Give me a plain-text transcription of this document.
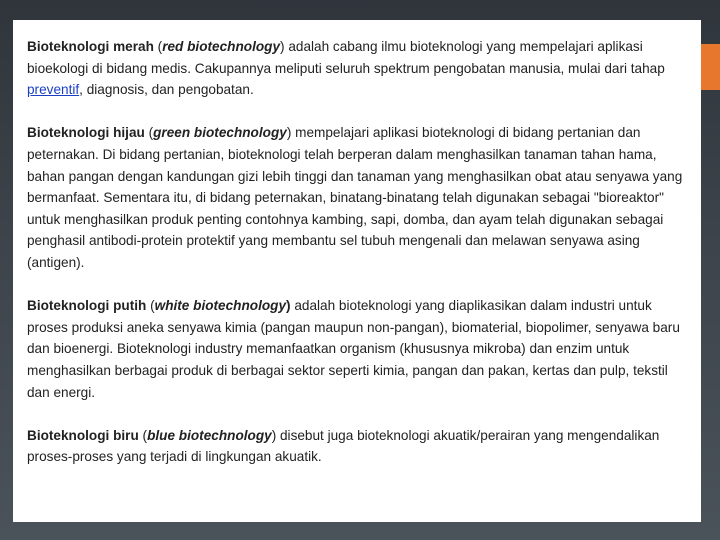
Bioteknologi merah (red biotechnology) adalah cabang ilmu bioteknologi yang mempelajari aplikasi bioekologi di bidang medis. Cakupannya meliputi seluruh spektrum pengobatan manusia, mulai dari tahap preventif, diagnosis, dan pengobatan.

Bioteknologi hijau (green biotechnology) mempelajari aplikasi bioteknologi di bidang pertanian dan peternakan. Di bidang pertanian, bioteknologi telah berperan dalam menghasilkan tanaman tahan hama, bahan pangan dengan kandungan gizi lebih tinggi dan tanaman yang menghasilkan obat atau senyawa yang bermanfaat. Sementara itu, di bidang peternakan, binatang-binatang telah digunakan sebagai "bioreaktor" untuk menghasilkan produk penting contohnya kambing, sapi, domba, dan ayam telah digunakan sebagai penghasil antibodi-protein protektif yang membantu sel tubuh mengenali dan melawan senyawa asing (antigen).

Bioteknologi putih (white biotechnology) adalah bioteknologi yang diaplikasikan dalam industri untuk proses produksi aneka senyawa kimia (pangan maupun non-pangan), biomaterial, biopolimer, senyawa baru dan bioenergi. Bioteknologi industry memanfaatkan organism (khususnya mikroba) dan enzim untuk menghasilkan berbagai produk di berbagai sektor seperti kimia, pangan dan pakan, kertas dan pulp, tekstil dan energi.

Bioteknologi biru (blue biotechnology) disebut juga bioteknologi akuatik/perairan yang mengendalikan proses-proses yang terjadi di lingkungan akuatik.
